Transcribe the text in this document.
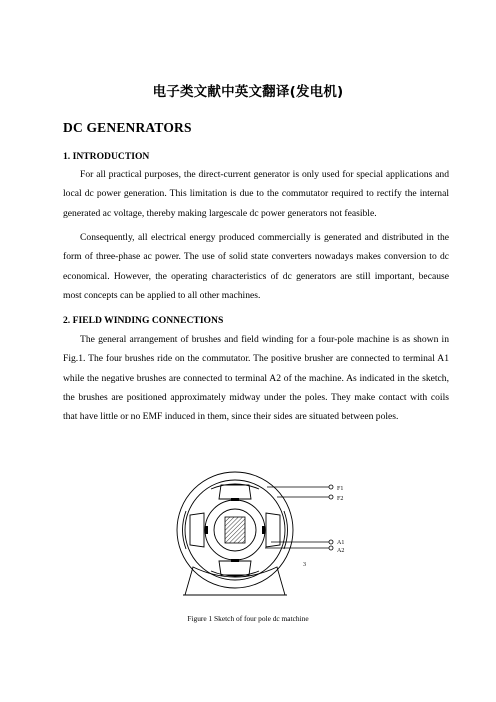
电子类文献中英文翻译(发电机)
DC GENENRATORS
1. INTRODUCTION

For all practical purposes, the direct-current generator is only used for special applications and local dc power generation. This limitation is due to the commutator required to rectify the internal generated ac voltage, thereby making largescale dc power generators not feasible.

Consequently, all electrical energy produced commercially is generated and distributed in the form of three-phase ac power. The use of solid state converters nowadays makes conversion to dc economical. However, the operating characteristics of dc generators are still important, because most concepts can be applied to all other machines.

2. FIELD WINDING CONNECTIONS

The general arrangement of brushes and field winding for a four-pole machine is as shown in Fig.1. The four brushes ride on the commutator. The positive brusher are connected to terminal A1 while the negative brushes are connected to terminal A2 of the machine. As indicated in the sketch, the brushes are positioned approximately midway under the poles. They make contact with coils that have little or no EMF induced in them, since their sides are situated between poles.

F1
F2
A1
A2
3
Figure 1 Sketch of four pole dc matchine
